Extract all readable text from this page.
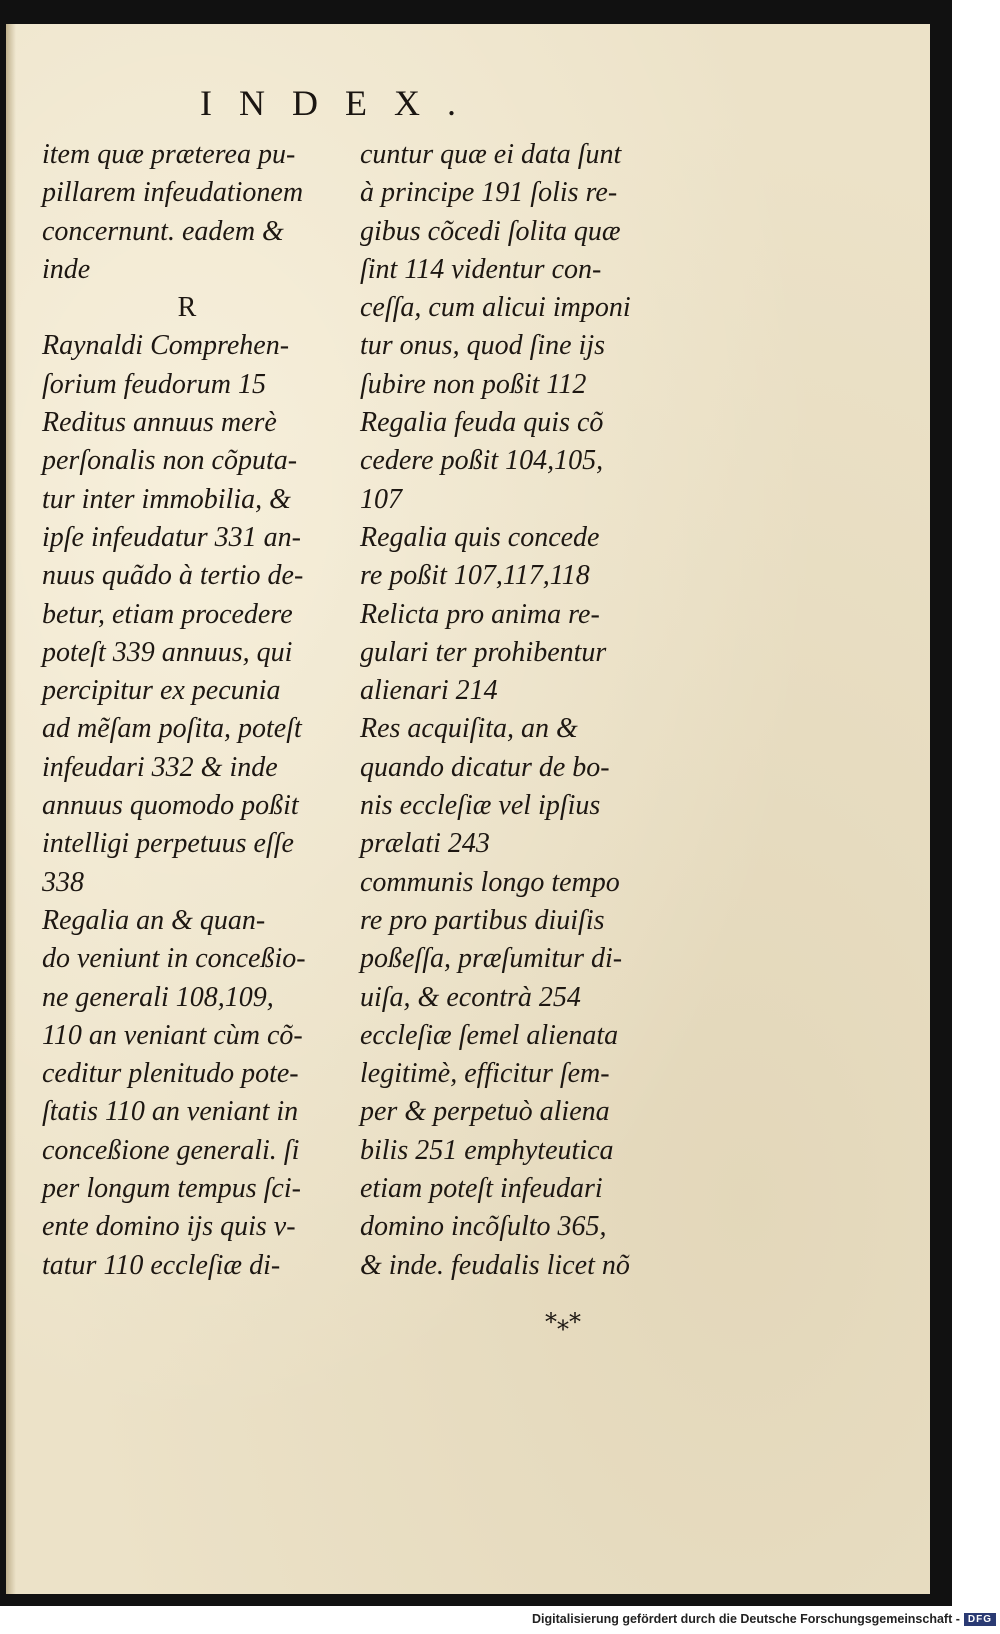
INDEX.
item quæ præterea pu-
pillarem infeudationem
concernunt. eadem &
inde
R
Raynaldi Comprehen-
ſorium feudorum 15
Reditus annuus merè
perſonalis non cõputa-
tur inter immobilia, &
ipſe infeudatur 331 an-
nuus quãdo à tertio de-
betur, etiam procedere
poteſt 339 annuus, qui
percipitur ex pecunia
ad mẽſam poſita, poteſt
infeudari 332 & inde
annuus quomodo poßit
intelligi perpetuus eſſe
338
Regalia an & quan-
do veniunt in conceßio-
ne generali 108,109,
110 an veniant cùm cõ-
ceditur plenitudo pote-
ſtatis 110 an veniant in
conceßione generali. ſi
per longum tempus ſci-
ente domino ijs quis v-
tatur 110 eccleſiæ di-
cuntur quæ ei data ſunt
à principe 191 ſolis re-
gibus cõcedi ſolita quæ
ſint 114 videntur con-
ceſſa, cum alicui imponi
tur onus, quod ſine ijs
ſubire non poßit 112
Regalia feuda quis cõ
cedere poßit 104,105,
107
Regalia quis concede
re poßit 107,117,118
Relicta pro anima re-
gulari ter prohibentur
alienari 214
Res acquiſita, an &
quando dicatur de bo-
nis eccleſiæ vel ipſius
prælati 243
communis longo tempo
re pro partibus diuiſis
poßeſſa, præſumitur di-
uiſa, & econtrà 254
eccleſiæ ſemel alienata
legitimè, efficitur ſem-
per & perpetuò aliena
bilis 251 emphyteutica
etiam poteſt infeudari
domino incõſulto 365,
& inde. feudalis licet nõ
*⁎*
Digitalisierung gefördert durch die Deutsche Forschungsgemeinschaft - DFG
